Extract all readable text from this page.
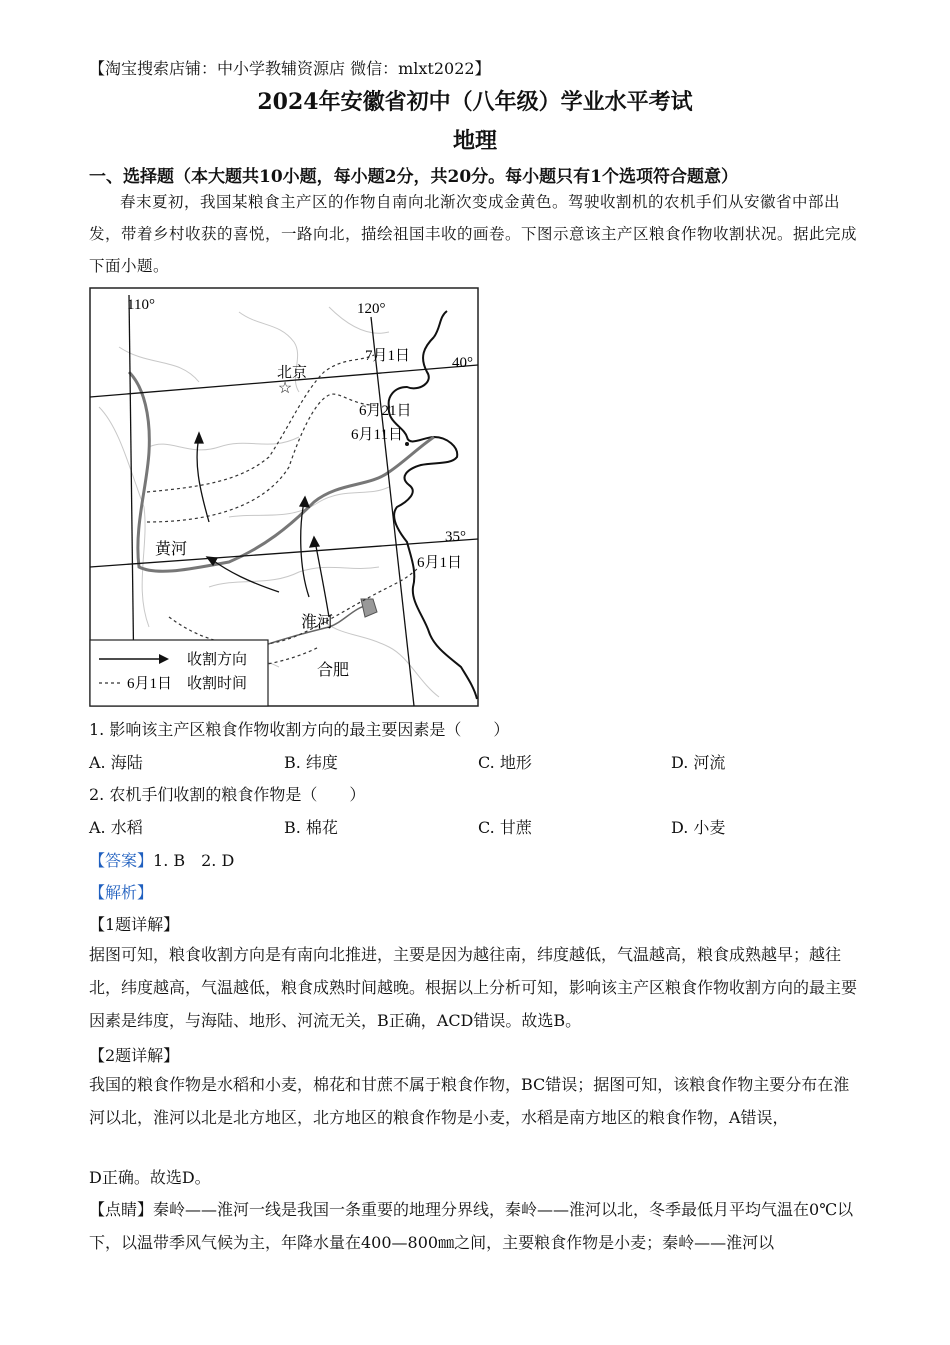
【淘宝搜索店铺：中小学教辅资源店 微信：mlxt2022】
2024年安徽省初中（八年级）学业水平考试
地理
一、选择题（本大题共10小题，每小题2分，共20分。每小题只有1个选项符合题意）
春末夏初，我国某粮食主产区的作物自南向北渐次变成金黄色。驾驶收割机的农机手们从安徽省中部出发，带着乡村收获的喜悦，一路向北，描绘祖国丰收的画卷。下图示意该主产区粮食作物收割状况。据此完成下面小题。
☆
110°	120°
40°
35°
北京
黄河
淮河
合肥
7月1日
6月21日
6月11日
6月1日
收割方向
6月1日 收割时间
1. 影响该主产区粮食作物收割方向的最主要因素是（　　）
A. 海陆	B. 纬度	C. 地形	D. 河流
2. 农机手们收割的粮食作物是（　　）
A. 水稻	B. 棉花	C. 甘蔗	D. 小麦
【答案】1. B　2. D
【解析】
【1题详解】
据图可知，粮食收割方向是有南向北推进，主要是因为越往南，纬度越低，气温越高，粮食成熟越早；越往北，纬度越高，气温越低，粮食成熟时间越晚。根据以上分析可知，影响该主产区粮食作物收割方向的最主要因素是纬度，与海陆、地形、河流无关，B正确，ACD错误。故选B。
【2题详解】
我国的粮食作物是水稻和小麦，棉花和甘蔗不属于粮食作物，BC错误；据图可知，该粮食作物主要分布在淮河以北，淮河以北是北方地区，北方地区的粮食作物是小麦，水稻是南方地区的粮食作物，A错误，
D正确。故选D。
【点睛】秦岭——淮河一线是我国一条重要的地理分界线，秦岭——淮河以北，冬季最低月平均气温在0℃以下，以温带季风气候为主，年降水量在400—800㎜之间，主要粮食作物是小麦；秦岭——淮河以
